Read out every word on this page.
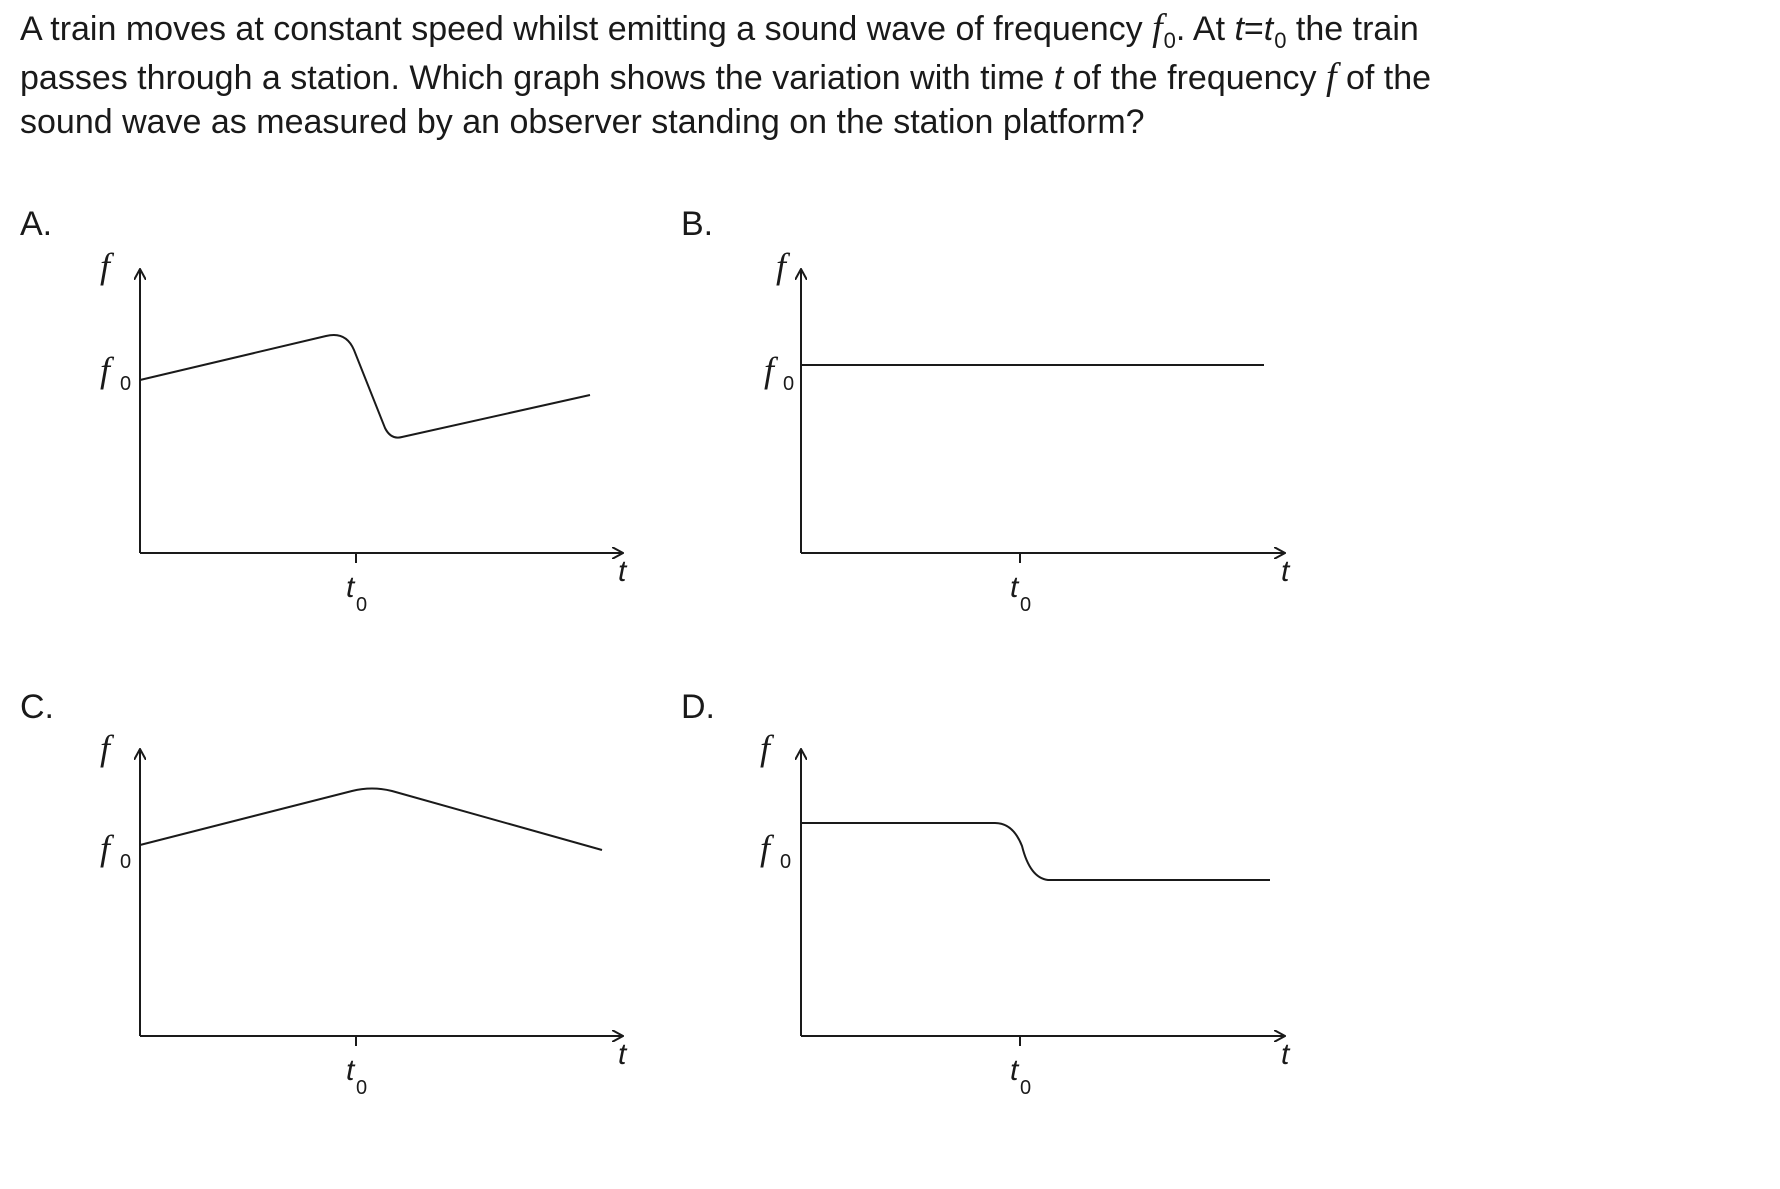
A train moves at constant speed whilst emitting a sound wave of frequency $f_0$. At $t=t_0$ the train
passes through a station. Which graph shows the variation with time t of the frequency f of the
sound wave as measured by an observer standing on the station platform?
A.	B.
C.	D.
f
f 0
t
t
0
f
f 0
t
t
0
f
f 0
t
t
0
f
f 0
t
t
0
